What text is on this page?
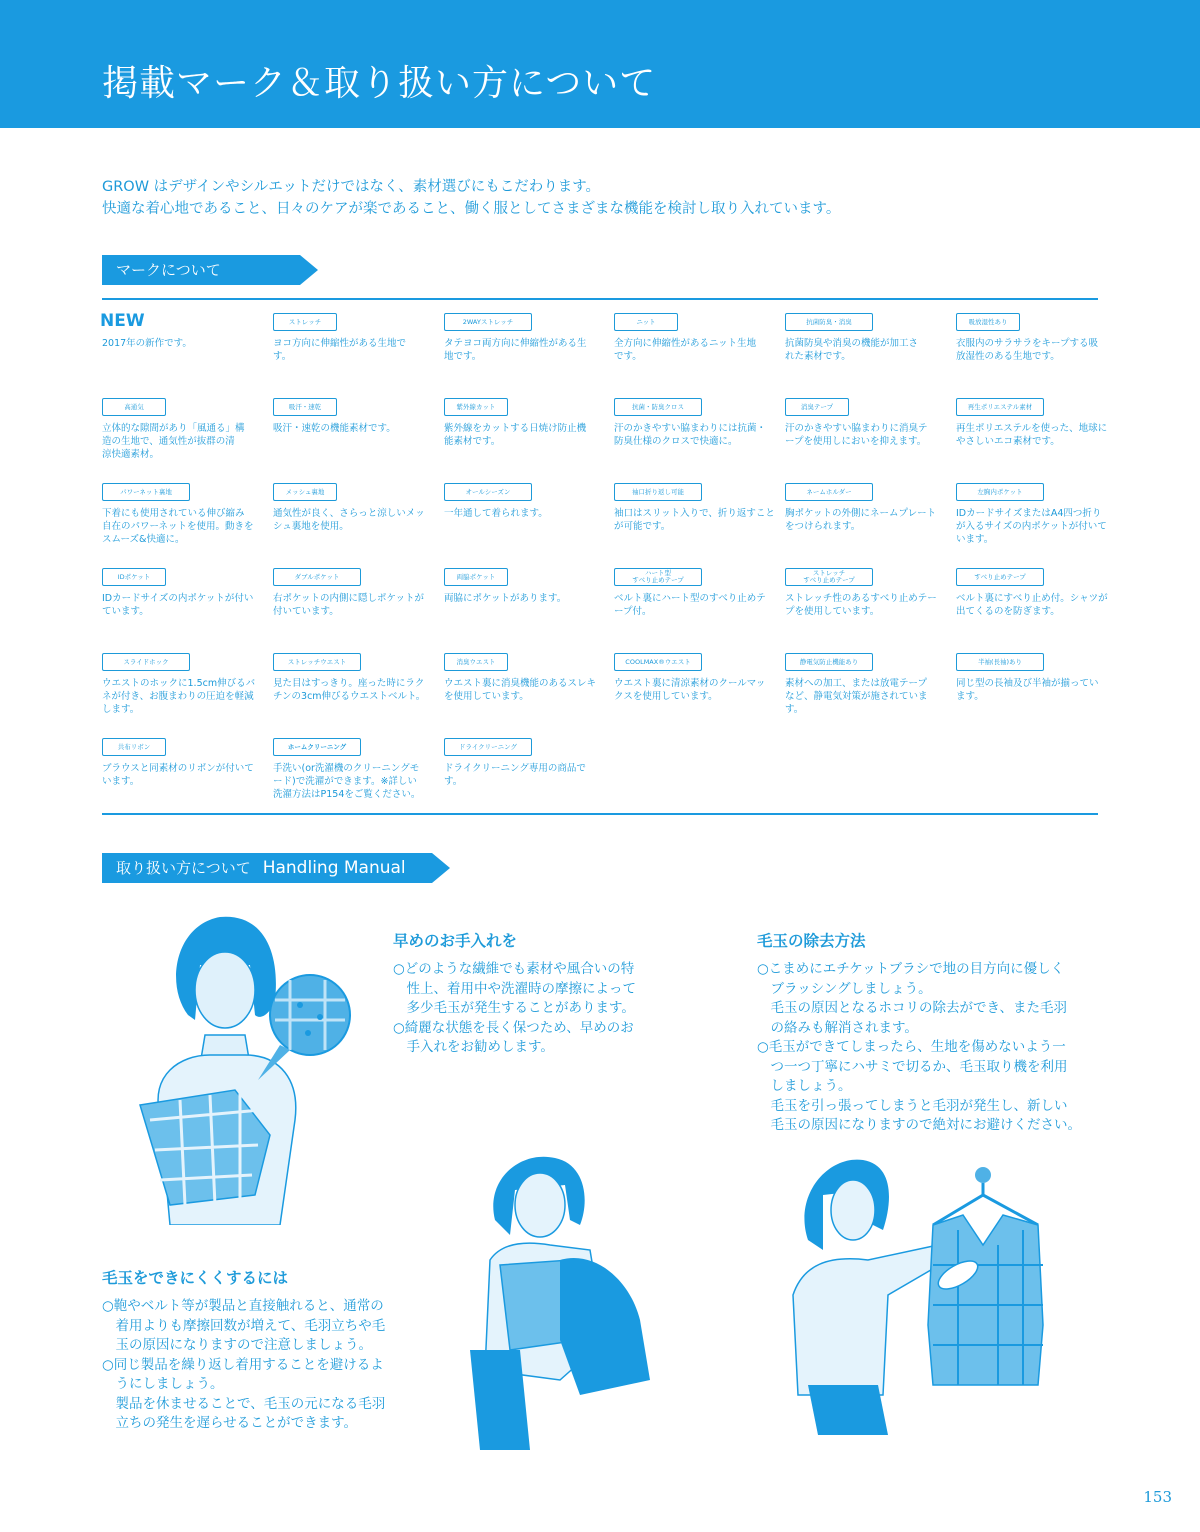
掲載マーク＆取り扱い方について
GROW はデザインやシルエットだけではなく、素材選びにもこだわります。
快適な着心地であること、日々のケアが楽であること、働く服としてさまざまな機能を検討し取り入れています。
マークについて
NEW
2017年の新作です。
ストレッチ
ヨコ方向に伸縮性がある生地で
す。
2WAYストレッチ
タテヨコ両方向に伸縮性がある生
地です。
ニット
全方向に伸縮性があるニット生地
です。
抗菌防臭・消臭
抗菌防臭や消臭の機能が加工さ
れた素材です。
吸放湿性あり
衣服内のサラサラをキープする吸
放湿性のある生地です。
高通気
立体的な隙間があり「風通る」構
造の生地で、通気性が抜群の清
涼快適素材。
吸汗・速乾
吸汗・速乾の機能素材です。
紫外線カット
紫外線をカットする日焼け防止機
能素材です。
抗菌・防臭クロス
汗のかきやすい脇まわりには抗菌・
防臭仕様のクロスで快適に。
消臭テープ
汗のかきやすい脇まわりに消臭テ
ープを使用しにおいを抑えます。
再生ポリエステル素材
再生ポリエステルを使った、地球に
やさしいエコ素材です。
パワーネット裏地
下着にも使用されている伸び縮み
自在のパワーネットを使用。動きを
スムーズ&快適に。
メッシュ裏地
通気性が良く、さらっと涼しいメッ
シュ裏地を使用。
オールシーズン
一年通して着られます。
袖口折り返し可能
袖口はスリット入りで、折り返すこと
が可能です。
ネームホルダー
胸ポケットの外側にネームプレート
をつけられます。
左胸内ポケット
IDカードサイズまたはA4四つ折り
が入るサイズの内ポケットが付いて
います。
IDポケット
IDカードサイズの内ポケットが付い
ています。
ダブルポケット
右ポケットの内側に隠しポケットが
付いています。
両脇ポケット
両脇にポケットがあります。
ハート型
すべり止めテープ
ベルト裏にハート型のすべり止めテ
ープ付。
ストレッチ
すべり止めテープ
ストレッチ性のあるすべり止めテー
プを使用しています。
すべり止めテープ
ベルト裏にすべり止め付。シャツが
出てくるのを防ぎます。
スライドホック
ウエストのホックに1.5cm伸びるバ
ネが付き、お腹まわりの圧迫を軽減
します。
ストレッチウエスト
見た目はすっきり。座った時にラク
チンの3cm伸びるウエストベルト。
消臭ウエスト
ウエスト裏に消臭機能のあるスレキ
を使用しています。
COOLMAX®ウエスト
ウエスト裏に清涼素材のクールマッ
クスを使用しています。
静電気防止機能あり
素材への加工、または放電テープ
など、静電気対策が施されていま
す。
半袖(長袖)あり
同じ型の長袖及び半袖が揃ってい
ます。
共布リボン
ブラウスと同素材のリボンが付いて
います。
ホームクリーニング
手洗い(or洗濯機のクリーニングモ
ード)で洗濯ができます。※詳しい
洗濯方法はP154をご覧ください。
ドライクリーニング
ドライクリーニング専用の商品で
す。
取り扱い方について Handling Manual
早めのお手入れを
○どのような繊維でも素材や風合いの特
　性上、着用中や洗濯時の摩擦によって
　多少毛玉が発生することがあります。
○綺麗な状態を長く保つため、早めのお
　手入れをお勧めします。
毛玉の除去方法
○こまめにエチケットブラシで地の目方向に優しく
　ブラッシングしましょう。
　毛玉の原因となるホコリの除去ができ、また毛羽
　の絡みも解消されます。
○毛玉ができてしまったら、生地を傷めないよう一
　つ一つ丁寧にハサミで切るか、毛玉取り機を利用
　しましょう。
　毛玉を引っ張ってしまうと毛羽が発生し、新しい
　毛玉の原因になりますので絶対にお避けください。
毛玉をできにくくするには
○鞄やベルト等が製品と直接触れると、通常の
　着用よりも摩擦回数が増えて、毛羽立ちや毛
　玉の原因になりますので注意しましょう。
○同じ製品を繰り返し着用することを避けるよ
　うにしましょう。
　製品を休ませることで、毛玉の元になる毛羽
　立ちの発生を遅らせることができます。
153
